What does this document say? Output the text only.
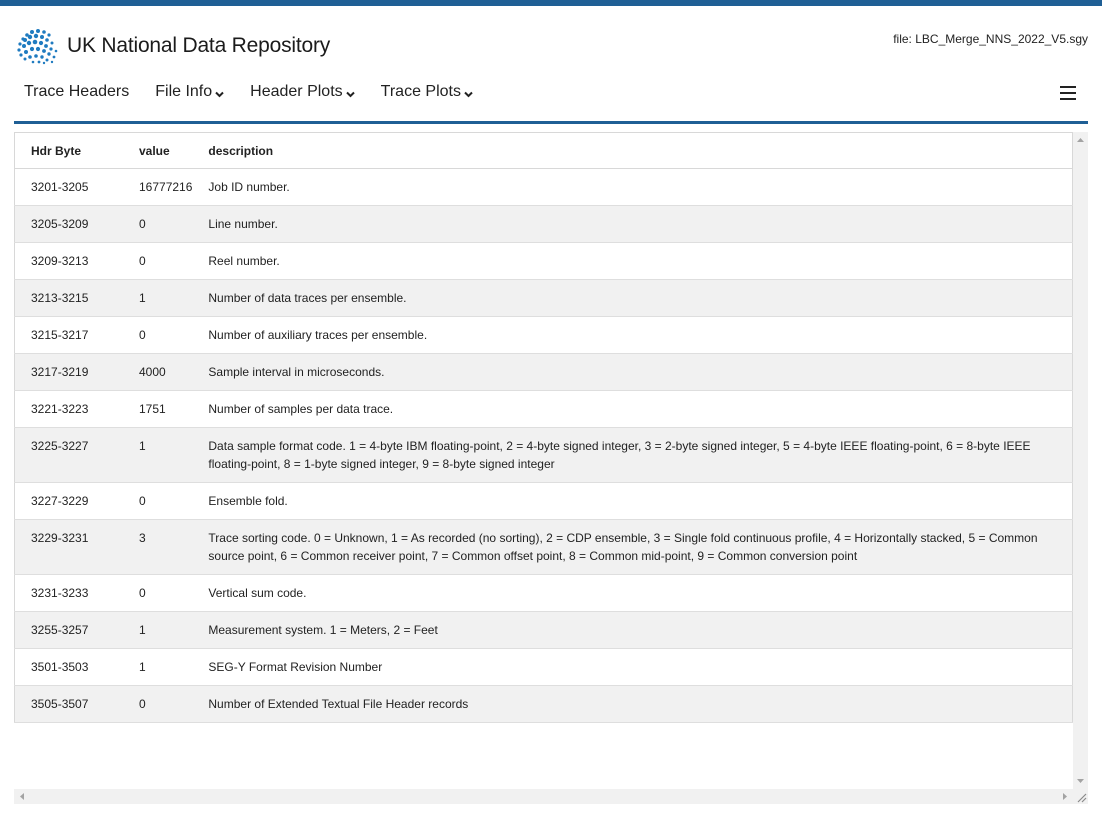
UK National Data Repository	file: LBC_Merge_NNS_2022_V5.sgy
Trace Headers File Info Header Plots Trace Plots
Hdr Byte	value	description
3201-3205	16777216	Job ID number.
3205-3209	0	Line number.
3209-3213	0	Reel number.
3213-3215	1	Number of data traces per ensemble.
3215-3217	0	Number of auxiliary traces per ensemble.
3217-3219	4000	Sample interval in microseconds.
3221-3223	1751	Number of samples per data trace.
3225-3227	1	Data sample format code. 1 = 4-byte IBM floating-point, 2 = 4-byte signed integer, 3 = 2-byte signed integer, 5 = 4-byte IEEE floating-point, 6 = 8-byte IEEE floating-point, 8 = 1-byte signed integer, 9 = 8-byte signed integer
3227-3229	0	Ensemble fold.
3229-3231	3	Trace sorting code. 0 = Unknown, 1 = As recorded (no sorting), 2 = CDP ensemble, 3 = Single fold continuous profile, 4 = Horizontally stacked, 5 = Common source point, 6 = Common receiver point, 7 = Common offset point, 8 = Common mid-point, 9 = Common conversion point
3231-3233	0	Vertical sum code.
3255-3257	1	Measurement system. 1 = Meters, 2 = Feet
3501-3503	1	SEG-Y Format Revision Number
3505-3507	0	Number of Extended Textual File Header records
